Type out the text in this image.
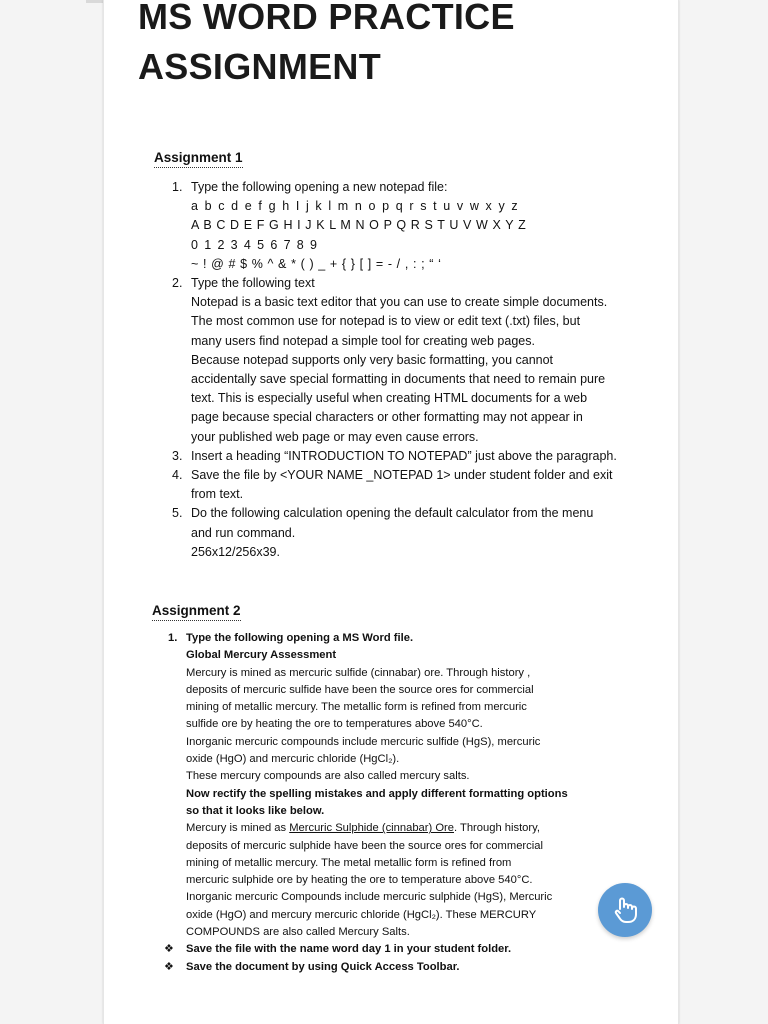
MS WORD PRACTICE
ASSIGNMENT
Assignment 1
1. Type the following opening a new notepad file:
a b c d e f g h I j k l m n o p q r s t u v w x y z
A B C D E F G H I J K L M N O P Q R S T U V W X Y Z
0 1 2 3 4 5 6 7 8 9
~ ! @ # $ % ^ & * ( ) _ + { } [ ] = - / , : ; “ ‘
2. Type the following text
Notepad is a basic text editor that you can use to create simple documents.
The most common use for notepad is to view or edit text (.txt) files, but
many users find notepad a simple tool for creating web pages.
Because notepad supports only very basic formatting, you cannot
accidentally save special formatting in documents that need to remain pure
text. This is especially useful when creating HTML documents for a web
page because special characters or other formatting may not appear in
your published web page or may even cause errors.
3. Insert a heading “INTRODUCTION TO NOTEPAD” just above the paragraph.
4. Save the file by <YOUR NAME _NOTEPAD 1> under student folder and exit
from text.
5. Do the following calculation opening the default calculator from the menu
and run command.
256x12/256x39.
Assignment 2
1. Type the following opening a MS Word file.
Global Mercury Assessment
Mercury is mined as mercuric sulfide (cinnabar) ore. Through history ,
deposits of mercuric sulfide have been the source ores for commercial
mining of metallic mercury. The metallic form is refined from mercuric
sulfide ore by heating the ore to temperatures above 540°C.
Inorganic mercuric compounds include mercuric sulfide (HgS), mercuric
oxide (HgO) and mercuric chloride (HgCl₂).
These mercury compounds are also called mercury salts.
Now rectify the spelling mistakes and apply different formatting options
so that it looks like below.
Mercury is mined as Mercuric Sulphide (cinnabar) Ore. Through history,
deposits of mercuric sulphide have been the source ores for commercial
mining of metallic mercury. The metal metallic form is refined from
mercuric sulphide ore by heating the ore to temperature above 540°C.
Inorganic mercuric Compounds include mercuric sulphide (HgS), Mercuric
oxide (HgO) and mercury mercuric chloride (HgCl₂). These MERCURY
COMPOUNDS are also called Mercury Salts.
❖ Save the file with the name word day 1 in your student folder.
❖ Save the document by using Quick Access Toolbar.
